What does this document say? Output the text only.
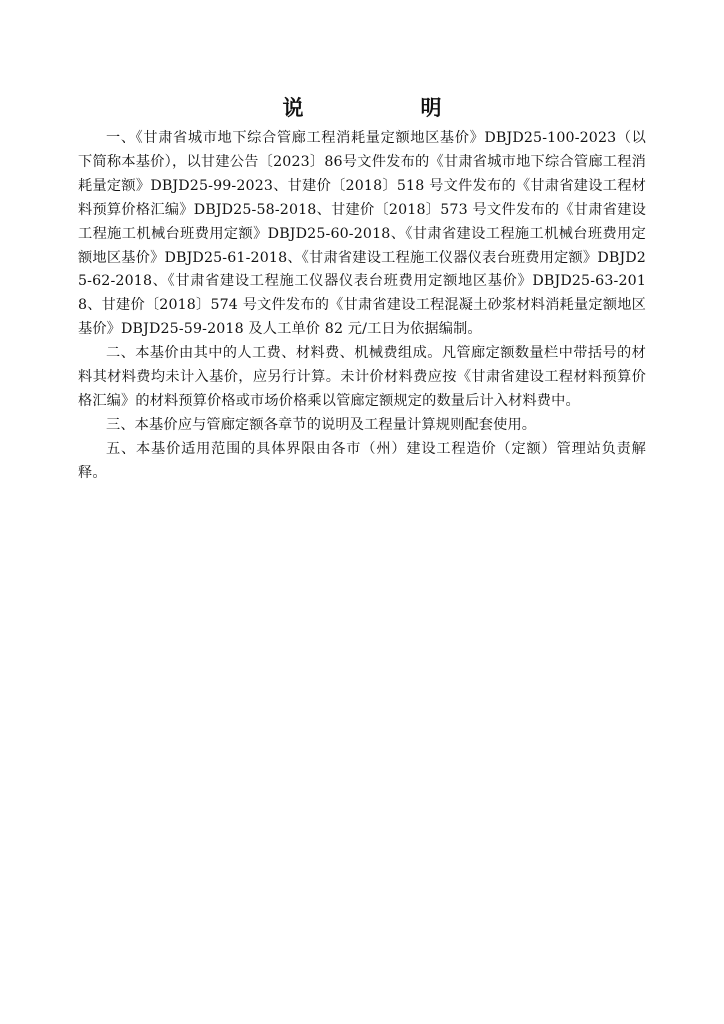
说　明

一、《甘肃省城市地下综合管廊工程消耗量定额地区基价》DBJD25-100-2023（以下简称本基价），以甘建公告〔2023〕86号文件发布的《甘肃省城市地下综合管廊工程消耗量定额》DBJD25-99-2023、甘建价〔2018〕518 号文件发布的《甘肃省建设工程材料预算价格汇编》DBJD25-58-2018、甘建价〔2018〕573 号文件发布的《甘肃省建设工程施工机械台班费用定额》DBJD25-60-2018、《甘肃省建设工程施工机械台班费用定额地区基价》DBJD25-61-2018、《甘肃省建设工程施工仪器仪表台班费用定额》DBJD25-62-2018、《甘肃省建设工程施工仪器仪表台班费用定额地区基价》DBJD25-63-2018、甘建价〔2018〕574 号文件发布的《甘肃省建设工程混凝土砂浆材料消耗量定额地区基价》DBJD25-59-2018 及人工单价 82 元/工日为依据编制。

二、本基价由其中的人工费、材料费、机械费组成。凡管廊定额数量栏中带括号的材料其材料费均未计入基价，应另行计算。未计价材料费应按《甘肃省建设工程材料预算价格汇编》的材料预算价格或市场价格乘以管廊定额规定的数量后计入材料费中。

三、本基价应与管廊定额各章节的说明及工程量计算规则配套使用。

五、本基价适用范围的具体界限由各市（州）建设工程造价（定额）管理站负责解释。
